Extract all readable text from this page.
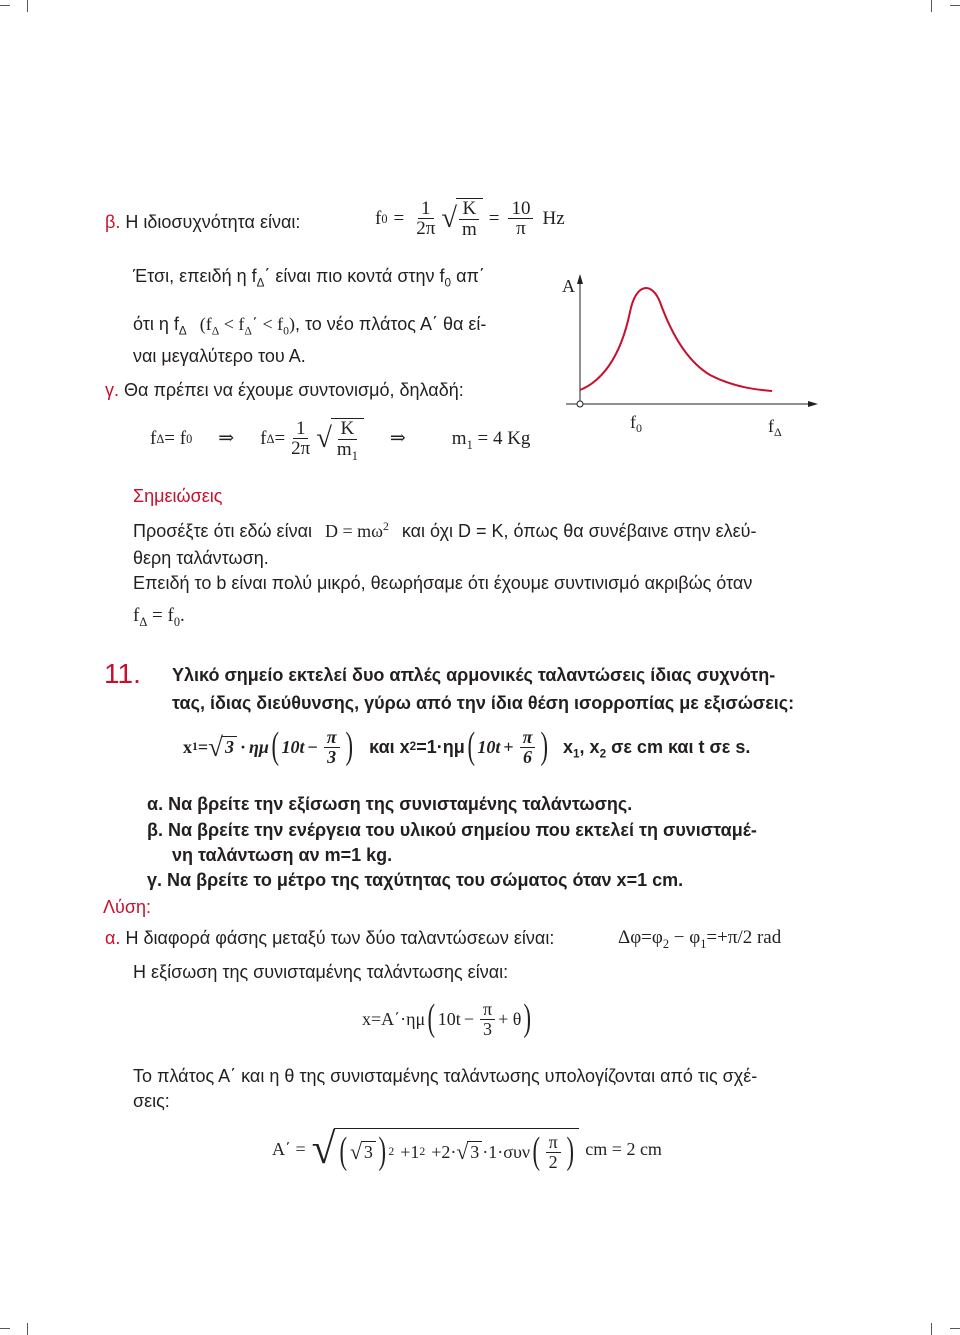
β. Η ιδιοσυχνότητα είναι:	f $0 = \frac{1}{2\pi}$ √ $\frac{K}{m} = \frac{10}{\pi}$ Hz
Έτσι, επειδή η $f_\Delta΄$ είναι πιο κοντά στην $f_0$ απ΄
ότι η $f_\Delta$ $(f_\Delta < f_\Delta΄ < f_0)$, το νέο πλάτος Α΄ θα εί-
ναι μεγαλύτερο του Α.
A
$f_0$	$f_\Delta$
γ. Θα πρέπει να έχουμε συντονισμό, δηλαδή:
f Δ = f 0 ⇒ f $\Delta = \frac{1}{2\pi}$ √ $\frac{K}{m_1}$ ⇒ $m_1 = 4$ Kg
Σημειώσεις
Προσέξτε ότι εδώ είναι $D = m\omega^2$ και όχι D = K, όπως θα συνέβαινε στην ελεύ-
θερη ταλάντωση.
Επειδή το b είναι πολύ μικρό, θεωρήσαμε ότι έχουμε συντινισμό ακριβώς όταν
$f_\Delta = f_0$.
11. Υλικό σημείο εκτελεί δυο απλές αρμονικές ταλαντώσεις ίδιας συχνότη-
τας, ίδιας διεύθυνσης, γύρω από την ίδια θέση ισορροπίας με εξισώσεις:
x 1 = √ 3 · ημ ( $10t - \frac{\pi}{3}$ ) και x 2 =1·ημ ( $10t + \frac{\pi}{6}$ ) $x_1$, $x_2$ σε cm και t σε s.
α. Να βρείτε την εξίσωση της συνισταμένης ταλάντωσης.
β. Να βρείτε την ενέργεια του υλικού σημείου που εκτελεί τη συνισταμέ-
νη ταλάντωση αν m=1 kg.
γ. Να βρείτε το μέτρο της ταχύτητας του σώματος όταν x=1 cm.
Λύση:
α. Η διαφορά φάσης μεταξύ των δύο ταλαντώσεων είναι:	$\Delta\varphi=\varphi_2 - \varphi_1=+\pi/2$ rad
Η εξίσωση της συνισταμένης ταλάντωσης είναι:
x=A΄·ημ ( $10t - \frac{\pi}{3} + \theta$ )
Το πλάτος Α΄ και η θ της συνισταμένης ταλάντωσης υπολογίζονται από τις σχέ-
σεις:
A΄ = √ ( √ 3 ) 2 +1 2 +2· √ 3 ·1·συν ( $\frac{\pi}{2}$ ) cm = 2 cm
